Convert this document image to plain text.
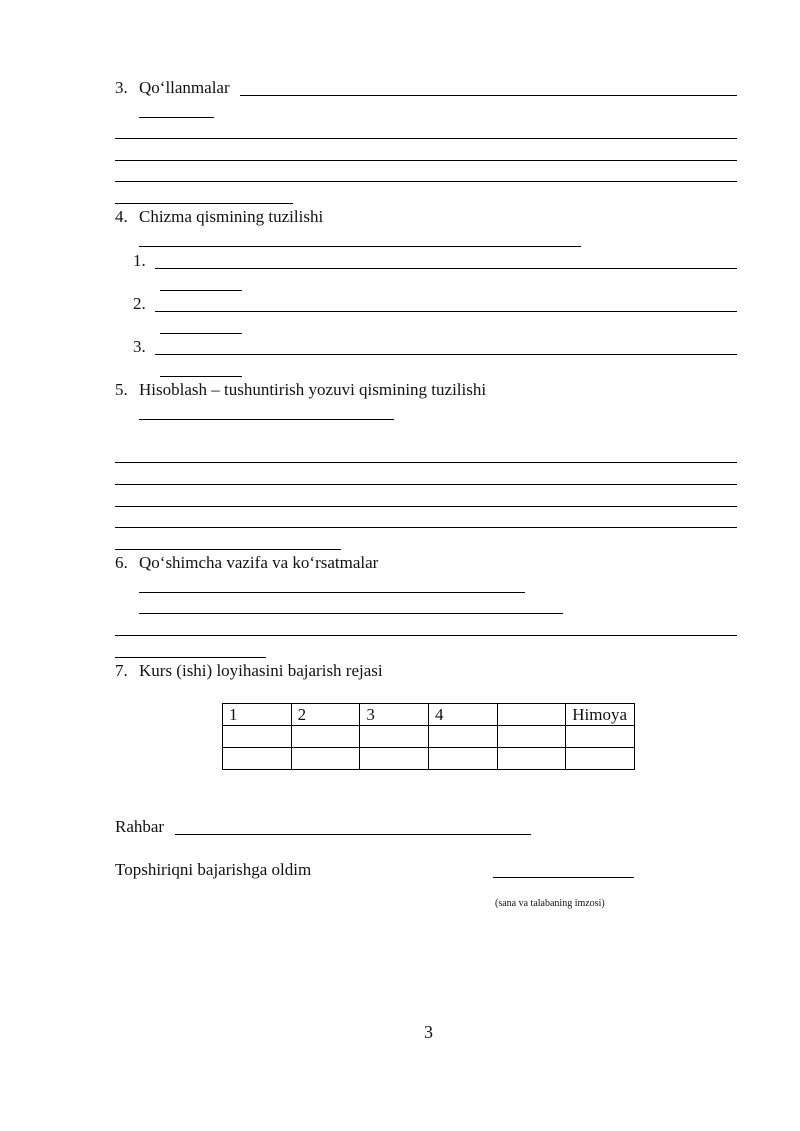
3. Qo‘llanmalar
4. Chizma qismining tuzilishi
1.
2.
3.
5. Hisoblash – tushuntirish yozuvi qismining tuzilishi
6. Qo‘shimcha vazifa va ko‘rsatmalar
7. Kurs (ishi) loyihasini bajarish rejasi
1	2	3	4		Himoya

Rahbar
Topshiriqni bajarishga oldim
(sana va talabaning imzosi)
3
